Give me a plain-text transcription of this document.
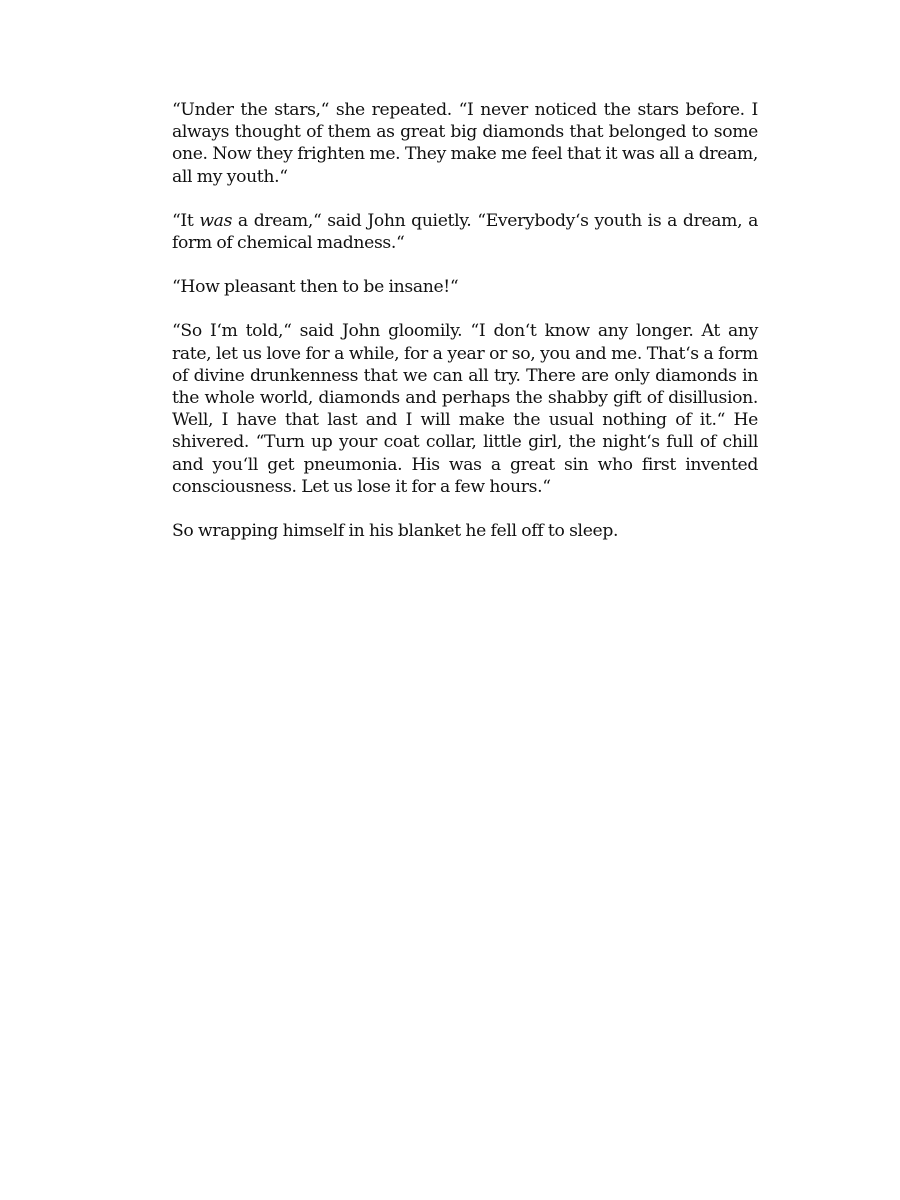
“Under the stars,“ she repeated. “I never noticed the stars before. I always thought of them as great big diamonds that belonged to some one. Now they frighten me. They make me feel that it was all a dream, all my youth.“

“It was a dream,“ said John quietly. “Everybody‘s youth is a dream, a form of chemical madness.“

“How pleasant then to be insane!“

“So I‘m told,“ said John gloomily. “I don‘t know any longer. At any rate, let us love for a while, for a year or so, you and me. That‘s a form of divine drunkenness that we can all try. There are only diamonds in the whole world, diamonds and perhaps the shabby gift of disillusion. Well, I have that last and I will make the usual nothing of it.“ He shivered. “Turn up your coat collar, little girl, the night‘s full of chill and you‘ll get pneumonia. His was a great sin who first invented consciousness. Let us lose it for a few hours.“

So wrapping himself in his blanket he fell off to sleep.
